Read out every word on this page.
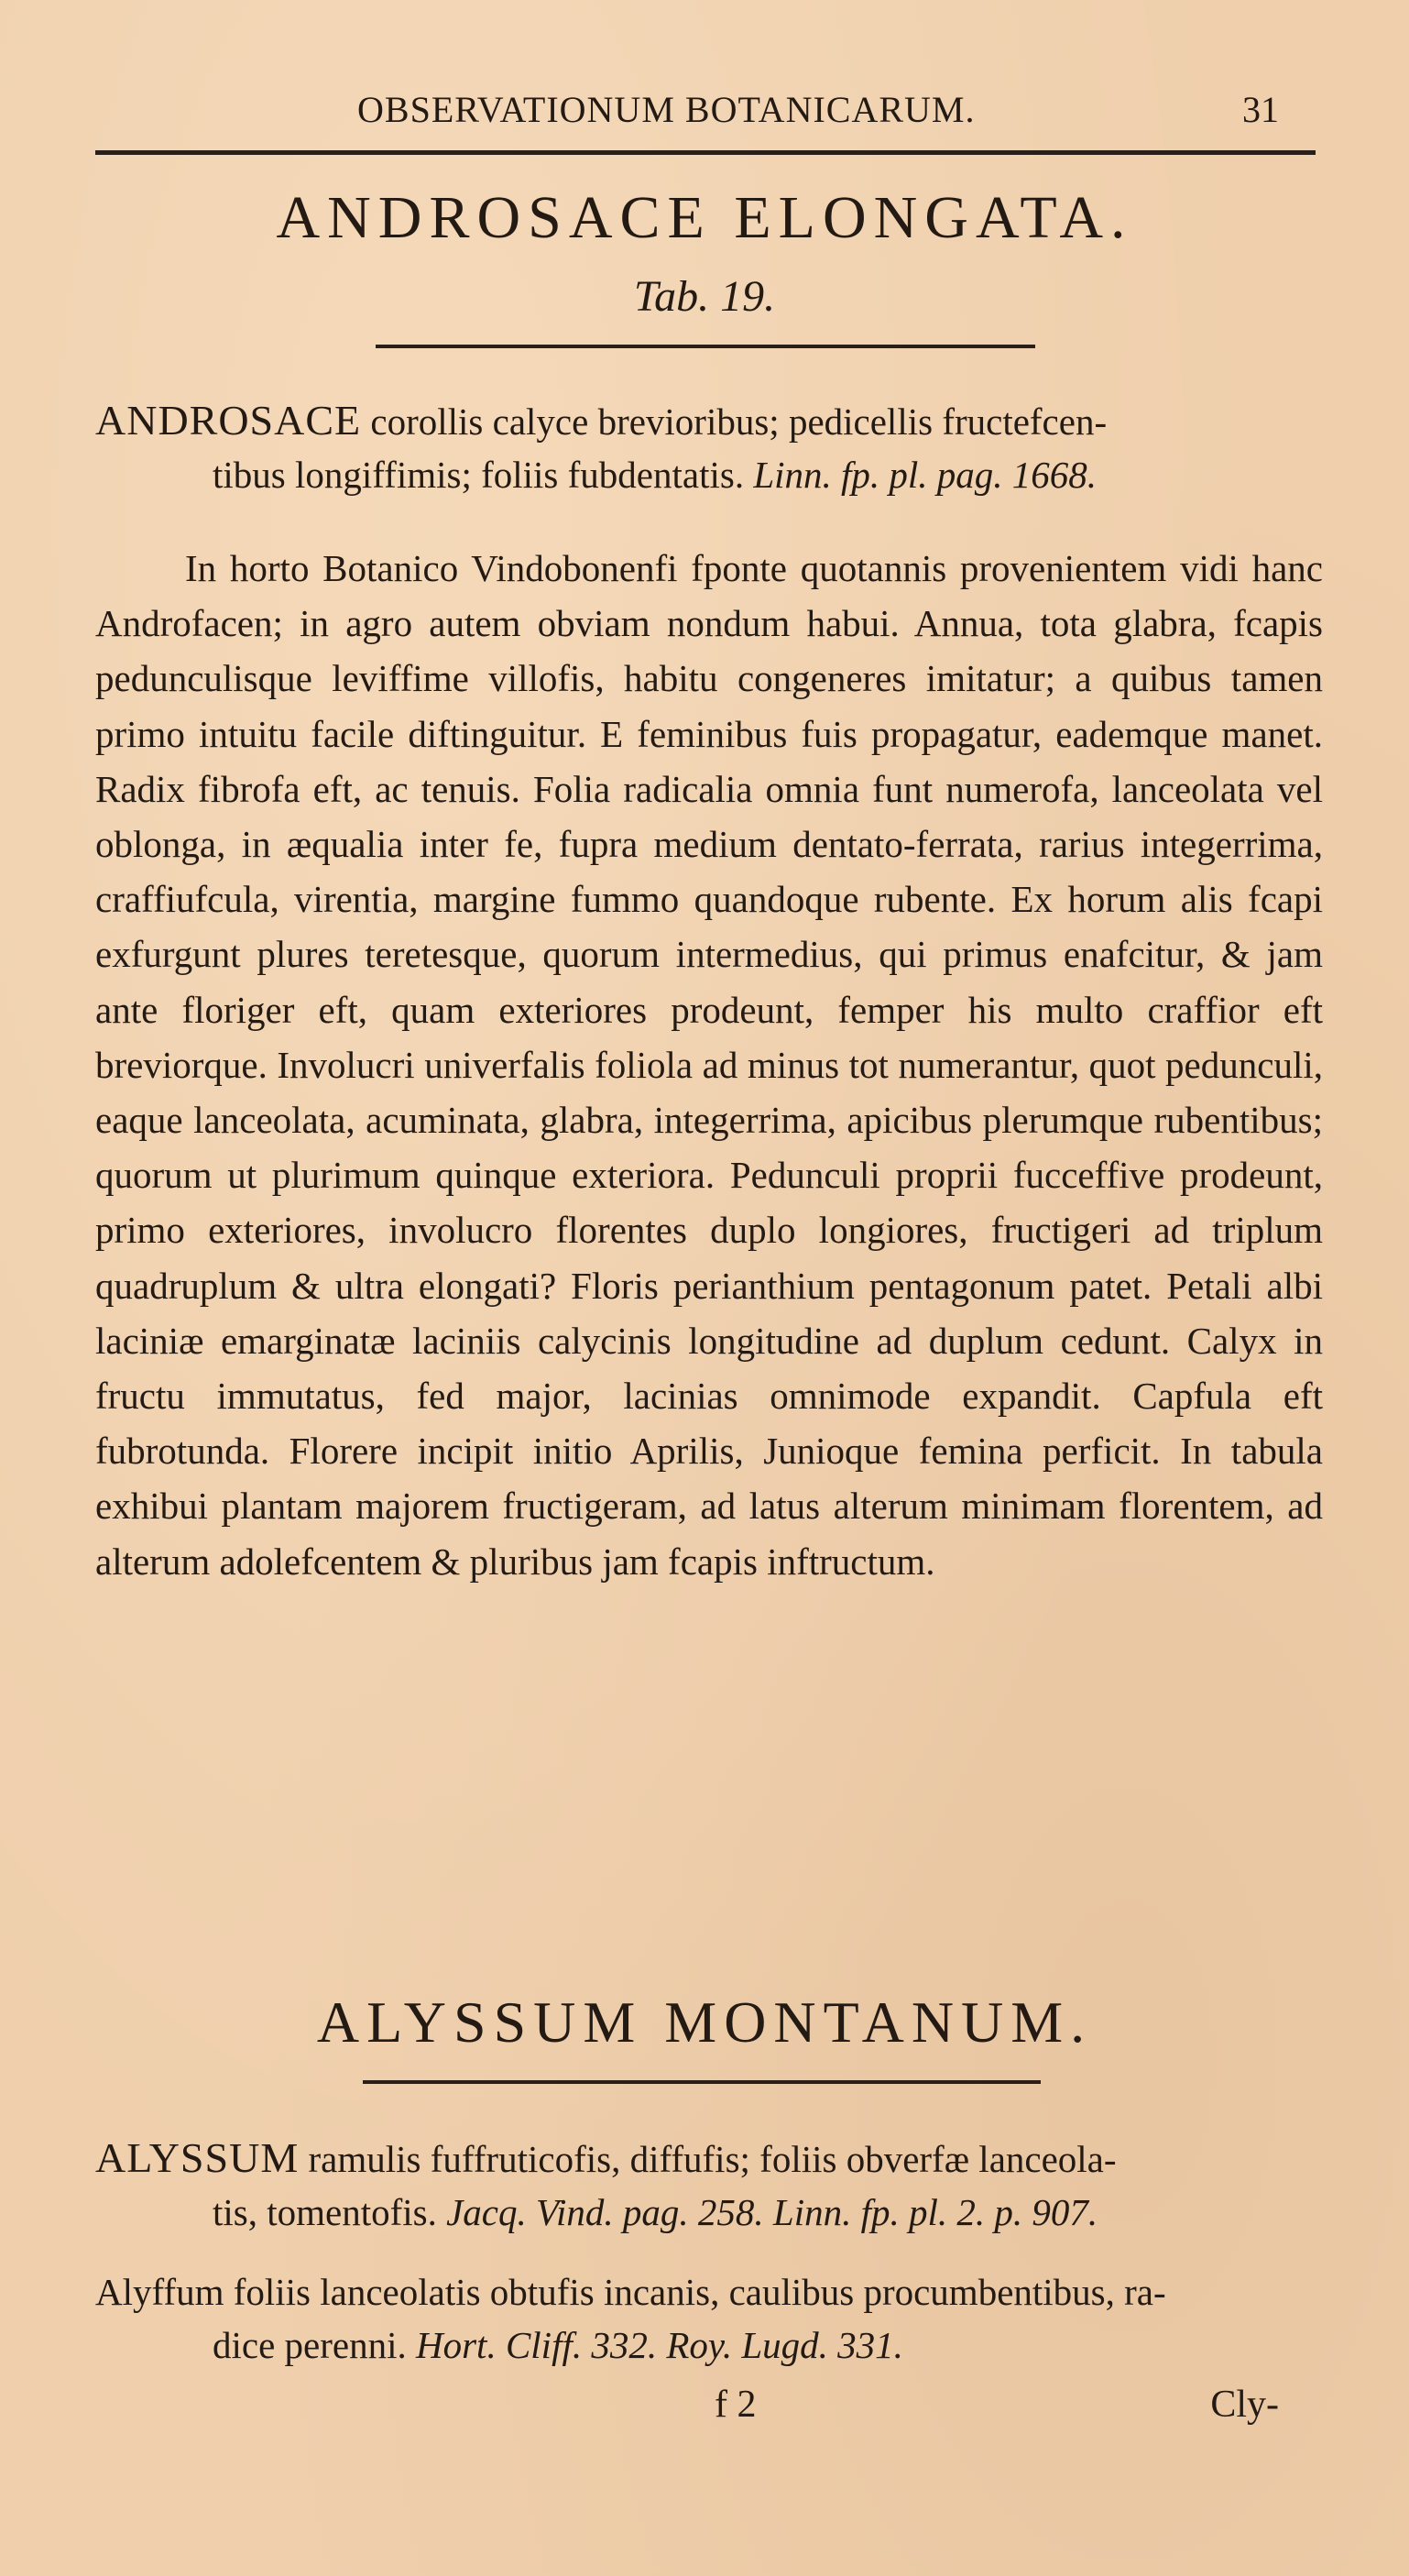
OBSERVATIONUM BOTANICARUM.	31
ANDROSACE ELONGATA.
Tab. 19.
ANDROSACE corollis calyce brevioribus; pedicellis fructefcen-
tibus longiffimis; foliis fubdentatis. Linn. fp. pl. pag. 1668.

In horto Botanico Vindobonenfi fponte quotannis provenientem vidi hanc Androfacen; in agro autem obviam nondum habui. Annua, tota glabra, fcapis pedunculisque leviffime villofis, habitu congeneres imitatur; a quibus tamen primo intuitu facile diftinguitur. E feminibus fuis propagatur, eademque manet. Radix fibrofa eft, ac tenuis. Folia radicalia omnia funt numerofa, lanceolata vel oblonga, in æqualia inter fe, fupra medium dentato-ferrata, rarius integerrima, craffiufcula, virentia, margine fummo quandoque rubente. Ex horum alis fcapi exfurgunt plures teretesque, quorum intermedius, qui primus enafcitur, & jam ante floriger eft, quam exteriores prodeunt, femper his multo craffior eft breviorque. Involucri univerfalis foliola ad minus tot numerantur, quot pedunculi, eaque lanceolata, acuminata, glabra, integerrima, apicibus plerumque rubentibus; quorum ut plurimum quinque exteriora. Pedunculi proprii fucceffive prodeunt, primo exteriores, involucro florentes duplo longiores, fructigeri ad triplum quadruplum & ultra elongati? Floris perianthium pentagonum patet. Petali albi laciniæ emarginatæ laciniis calycinis longitudine ad duplum cedunt. Calyx in fructu immutatus, fed major, lacinias omnimode expandit. Capfula eft fubrotunda. Florere incipit initio Aprilis, Junioque femina perficit. In tabula exhibui plantam majorem fructigeram, ad latus alterum minimam florentem, ad alterum adolefcentem & pluribus jam fcapis inftructum.

ALYSSUM MONTANUM.
ALYSSUM ramulis fuffruticofis, diffufis; foliis obverfæ lanceola-
tis, tomentofis. Jacq. Vind. pag. 258. Linn. fp. pl. 2. p. 907.
Alyffum foliis lanceolatis obtufis incanis, caulibus procumbentibus, ra-
dice perenni. Hort. Cliff. 332. Roy. Lugd. 331.
f 2	Cly-
